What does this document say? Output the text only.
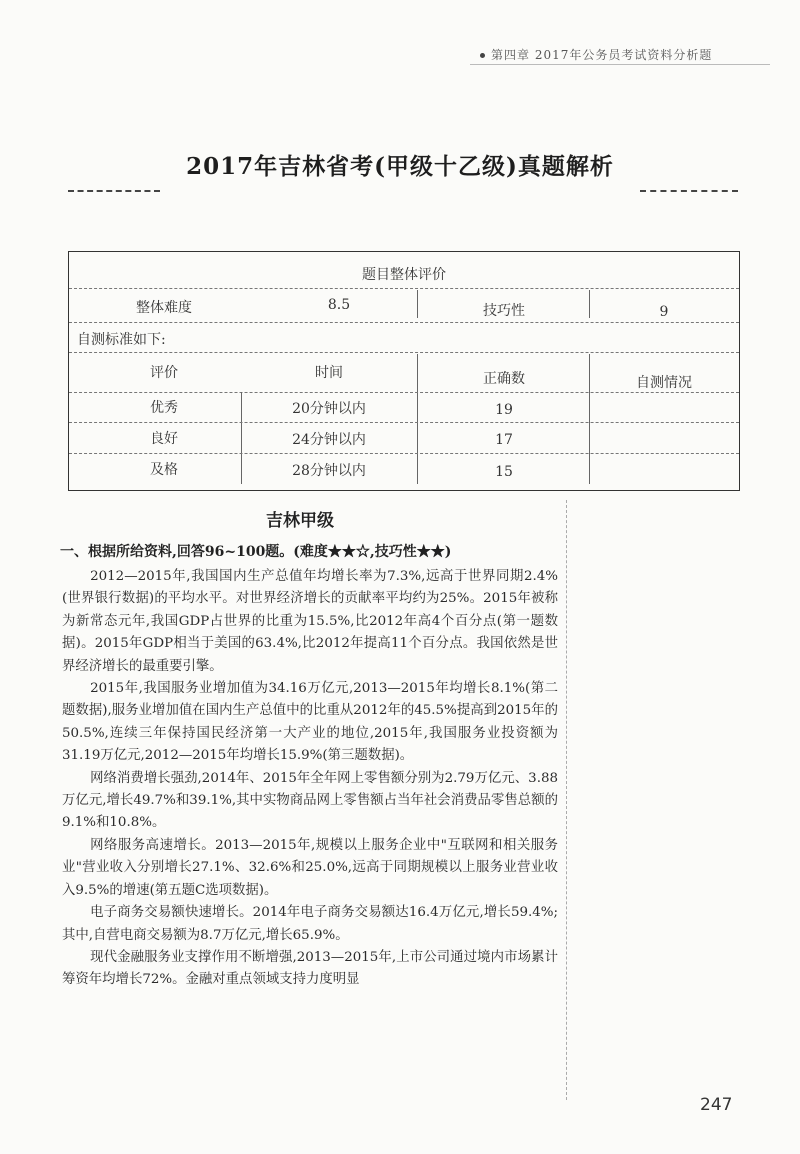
第四章 2017年公务员考试资料分析题
2017年吉林省考(甲级十乙级)真题解析
题目整体评价
整体难度	8.5	技巧性	9
自测标准如下:
评价	时间	正确数	自测情况
优秀	20分钟以内	19
良好	24分钟以内	17
及格	28分钟以内	15
吉林甲级
一、根据所给资料,回答96~100题。(难度★★☆,技巧性★★)

2012—2015年,我国国内生产总值年均增长率为7.3%,远高于世界同期2.4%(世界银行数据)的平均水平。对世界经济增长的贡献率平均约为25%。2015年被称为新常态元年,我国GDP占世界的比重为15.5%,比2012年高4个百分点(第一题数据)。2015年GDP相当于美国的63.4%,比2012年提高11个百分点。我国依然是世界经济增长的最重要引擎。

2015年,我国服务业增加值为34.16万亿元,2013—2015年均增长8.1%(第二题数据),服务业增加值在国内生产总值中的比重从2012年的45.5%提高到2015年的50.5%,连续三年保持国民经济第一大产业的地位,2015年,我国服务业投资额为31.19万亿元,2012—2015年均增长15.9%(第三题数据)。

网络消费增长强劲,2014年、2015年全年网上零售额分别为2.79万亿元、3.88万亿元,增长49.7%和39.1%,其中实物商品网上零售额占当年社会消费品零售总额的9.1%和10.8%。

网络服务高速增长。2013—2015年,规模以上服务企业中"互联网和相关服务业"营业收入分别增长27.1%、32.6%和25.0%,远高于同期规模以上服务业营业收入9.5%的增速(第五题C选项数据)。

电子商务交易额快速增长。2014年电子商务交易额达16.4万亿元,增长59.4%;其中,自营电商交易额为8.7万亿元,增长65.9%。

现代金融服务业支撑作用不断增强,2013—2015年,上市公司通过境内市场累计筹资年均增长72%。金融对重点领域支持力度明显

247
